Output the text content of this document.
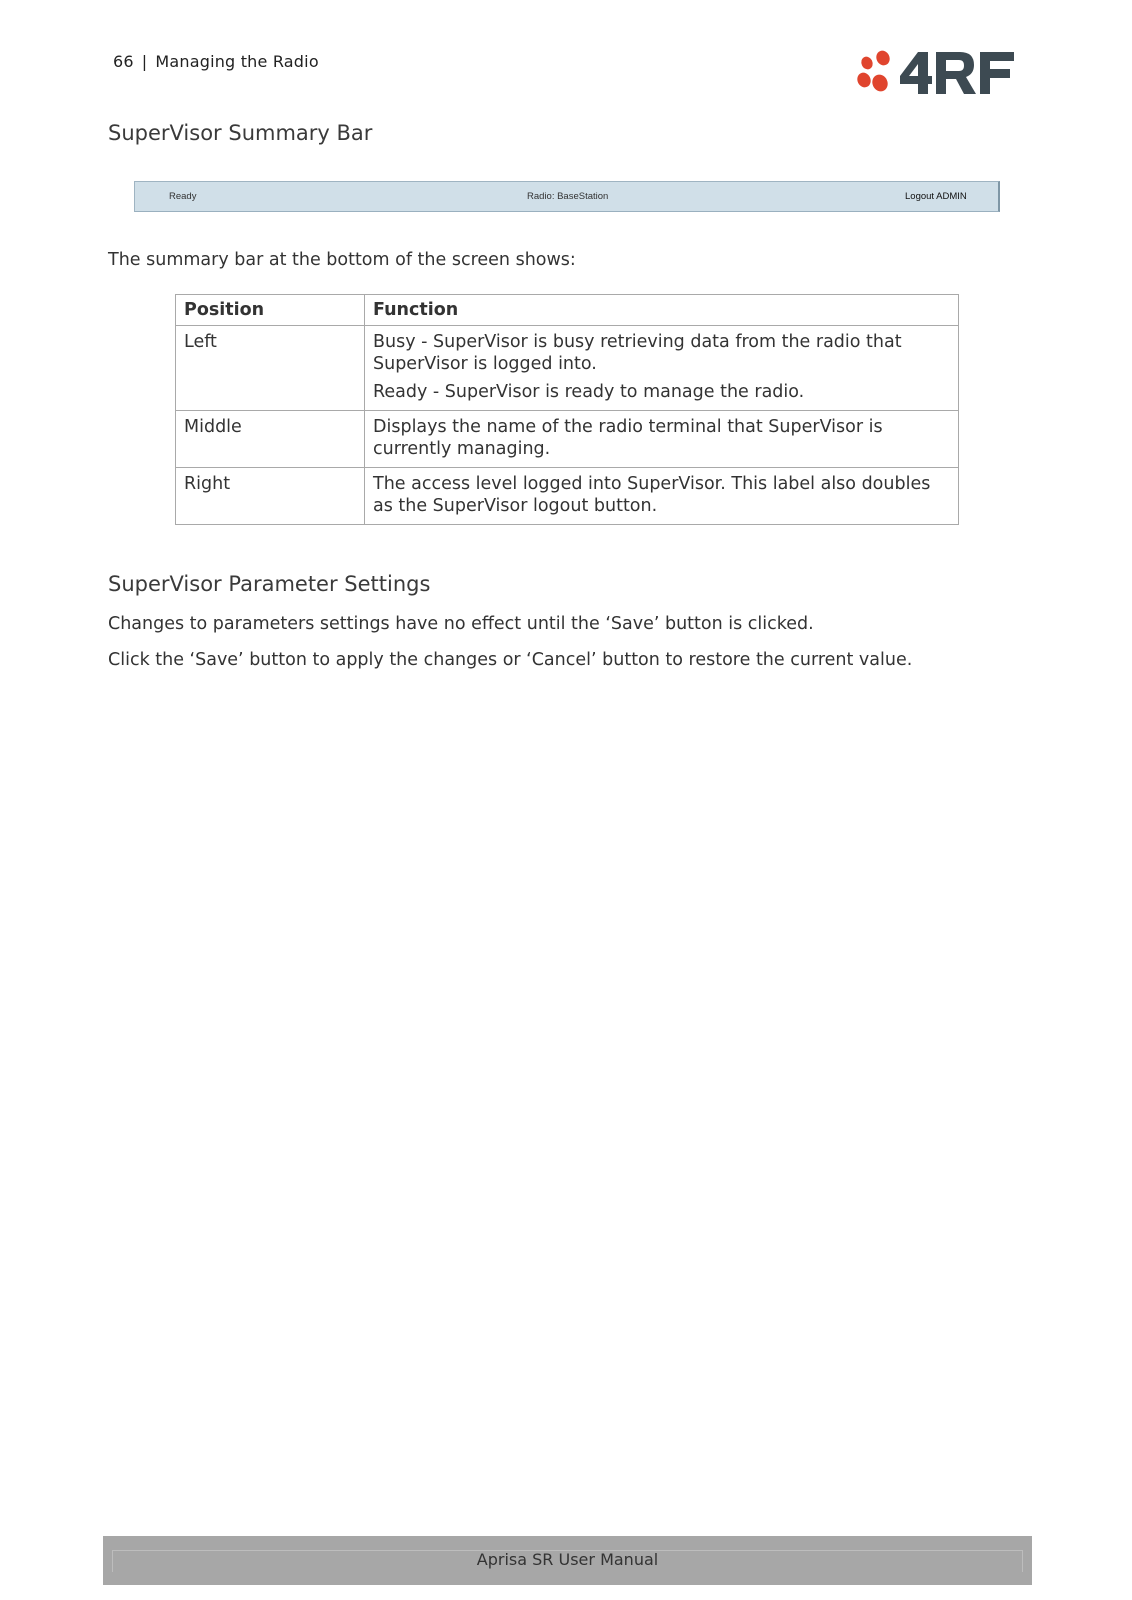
66 | Managing the Radio
SuperVisor Summary Bar
Ready	Radio: BaseStation	Logout ADMIN

The summary bar at the bottom of the screen shows:

Position	Function
Left	Busy - SuperVisor is busy retrieving data from the radio that SuperVisor is logged into.

Ready - SuperVisor is ready to manage the radio.

Middle	Displays the name of the radio terminal that SuperVisor is currently managing.

Right	The access level logged into SuperVisor. This label also doubles as the SuperVisor logout button.

SuperVisor Parameter Settings

Changes to parameters settings have no effect until the ‘Save’ button is clicked.

Click the ‘Save’ button to apply the changes or ‘Cancel’ button to restore the current value.

Aprisa SR User Manual
